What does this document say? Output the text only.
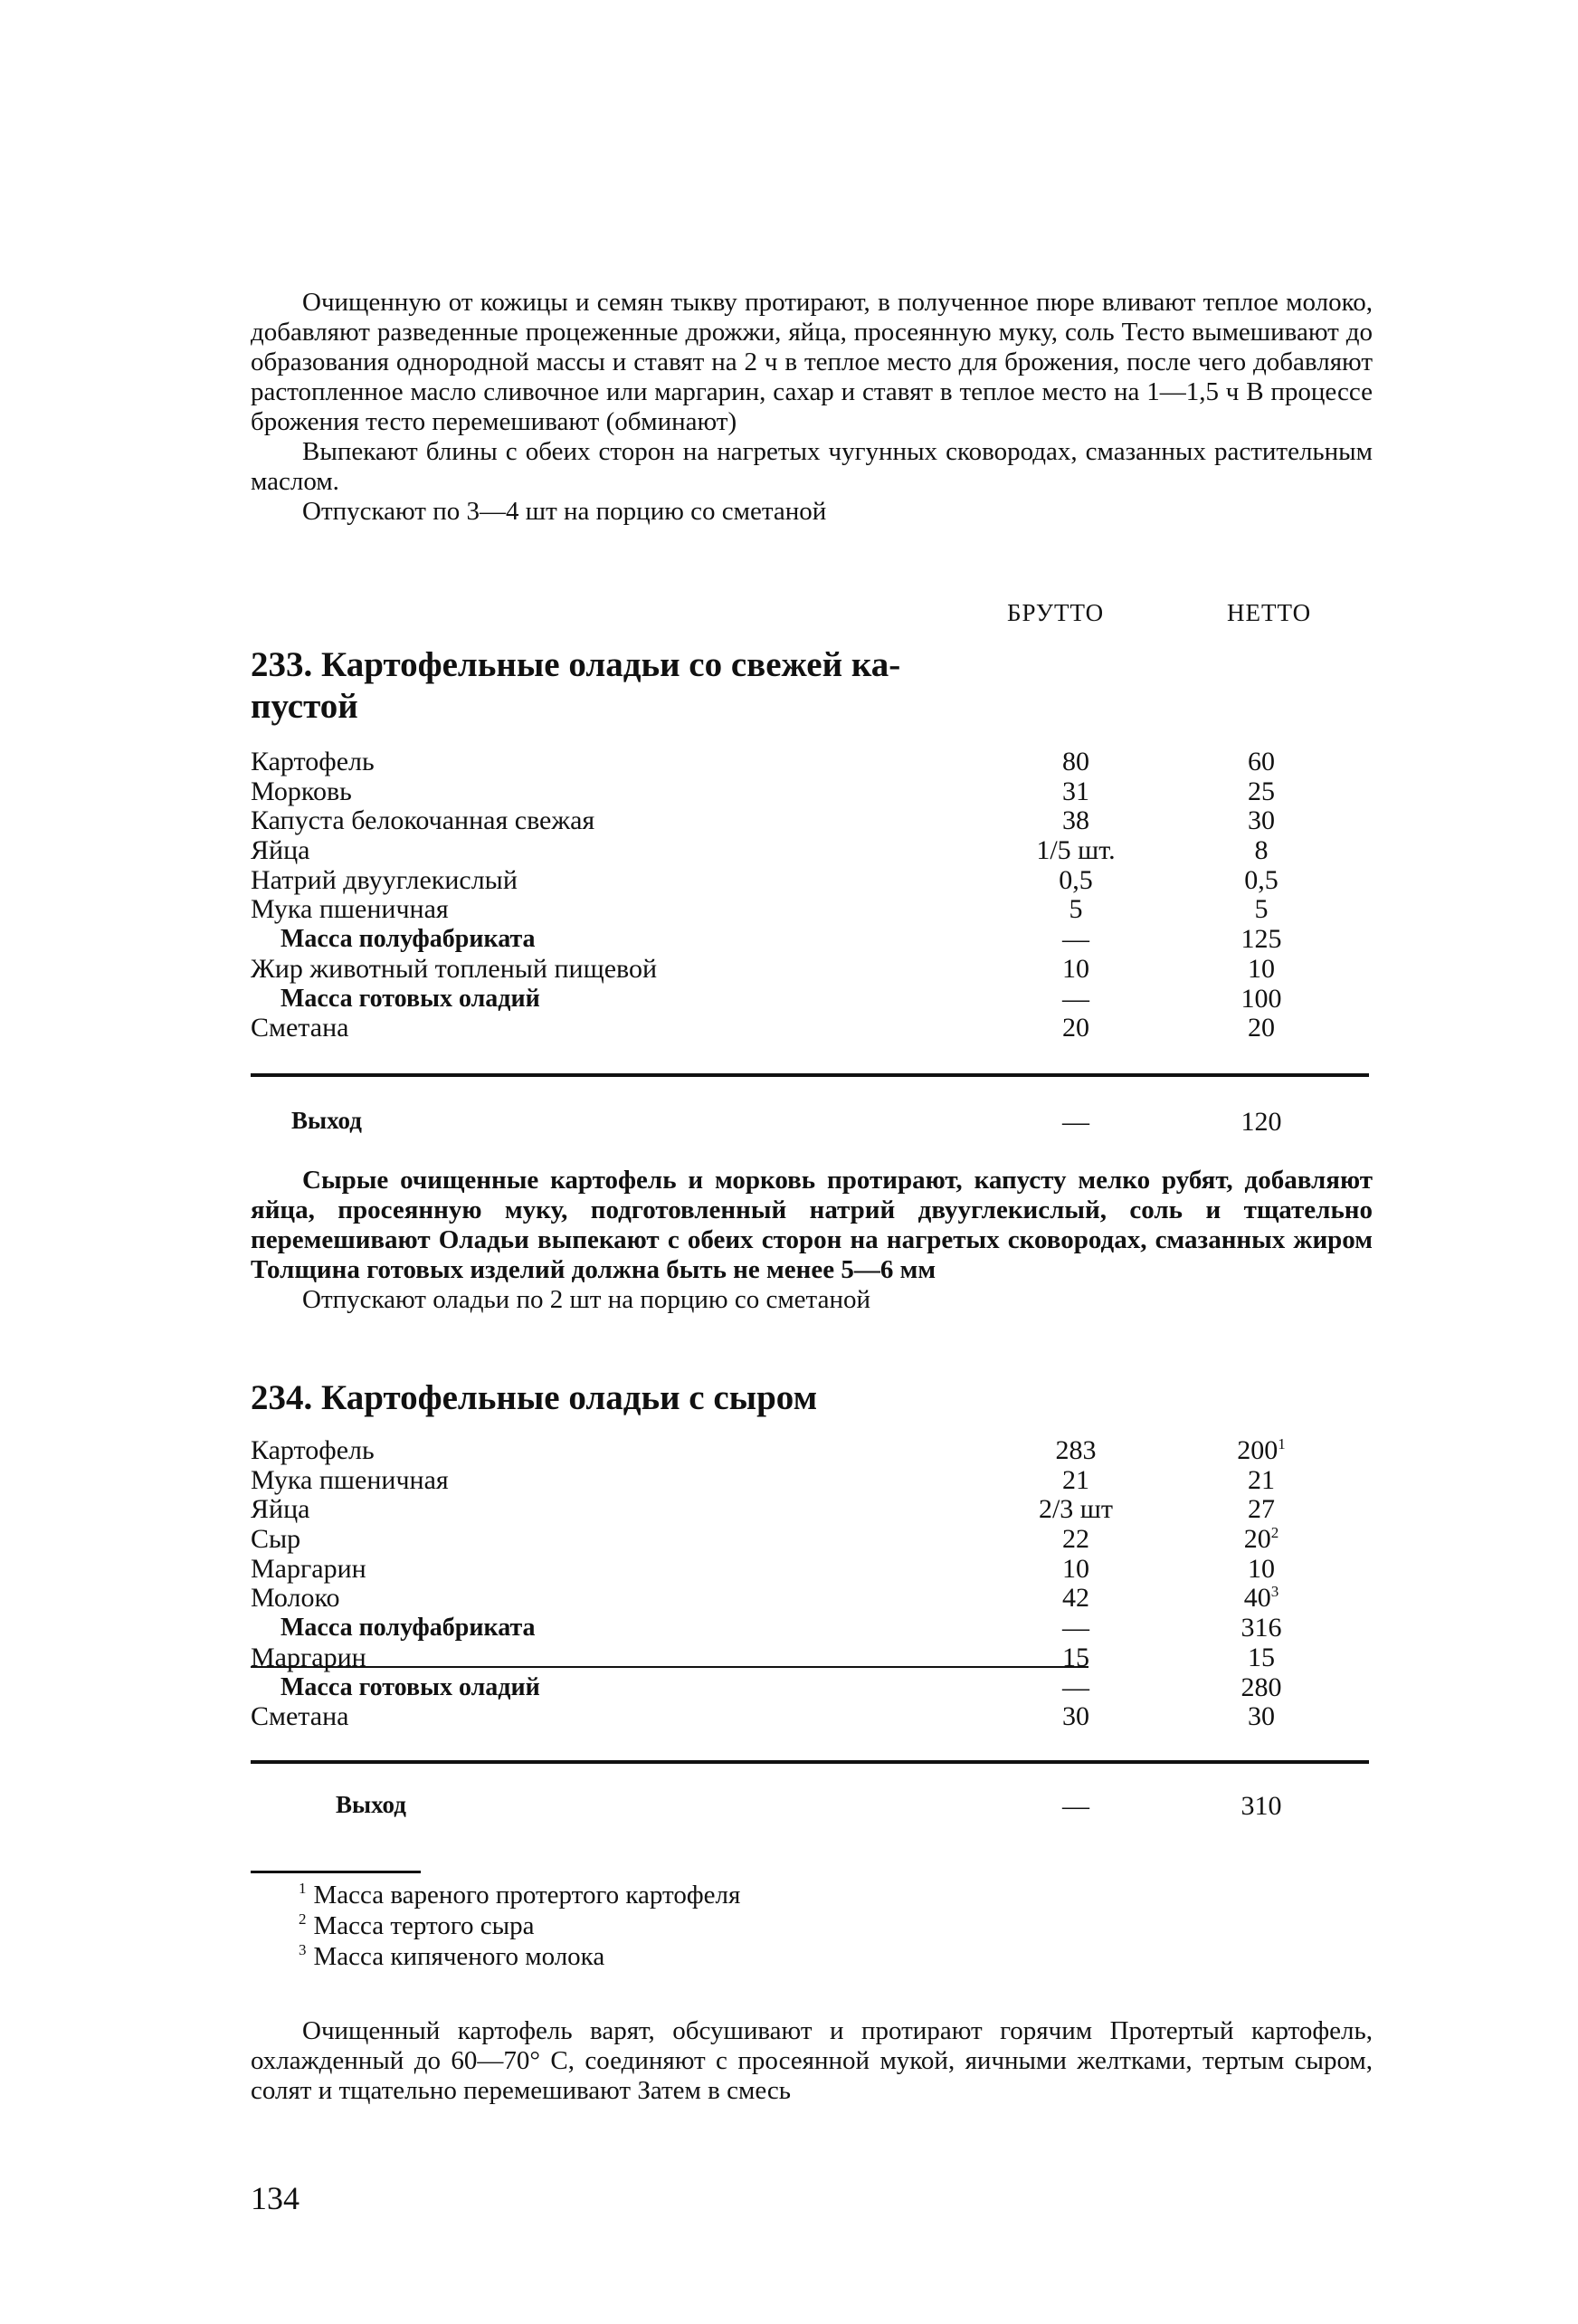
Очищенную от кожицы и семян тыкву протирают, в полученное пюре вливают теплое молоко, добавляют разведенные процеженные дрожжи, яйца, просеянную муку, соль Тесто вымешивают до образования однородной массы и ставят на 2 ч в теплое место для брожения, после чего добавляют растопленное масло сливочное или маргарин, сахар и ставят в теплое место на 1—1,5 ч В процессе брожения тесто перемешивают (обминают)

Выпекают блины с обеих сторон на нагретых чугунных сковородах, смазанных растительным маслом.

Отпускают по 3—4 шт на порцию со сметаной

БРУТТО	НЕТТО
233. Картофельные оладьи со свежей ка-
пустой
Картофель	80	60
Морковь	31	25
Капуста белокочанная свежая	38	30
Яйца	1/5 шт.	8
Натрий двууглекислый	0,5	0,5
Мука пшеничная	5	5
Масса полуфабриката	—	125
Жир животный топленый пищевой	10	10
Масса готовых оладий	—	100
Сметана	20	20
Выход	—	120

Сырые очищенные картофель и морковь протирают, капусту мелко рубят, добавляют яйца, просеянную муку, подготовленный натрий двууглекислый, соль и тщательно перемешивают Оладьи выпекают с обеих сторон на нагретых сковородах, смазанных жиром Толщина готовых изделий должна быть не менее 5—6 мм

Отпускают оладьи по 2 шт на порцию со сметаной

234. Картофельные оладьи с сыром
Картофель	283	$200^1$
Мука пшеничная	21	21
Яйца	2/3 шт	27
Сыр	22	$20^2$
Маргарин	10	10
Молоко	42	$40^3$
Масса полуфабриката	—	316
Маргарин	15	15
Масса готовых оладий	—	280
Сметана	30	30
Выход	—	310
$^1$ Масса вареного протертого картофеля
$^2$ Масса тертого сыра
$^3$ Масса кипяченого молока

Очищенный картофель варят, обсушивают и протирают горячим Протертый картофель, охлажденный до 60—70° С, соединяют с просеянной мукой, яичными желтками, тертым сыром, солят и тщательно перемешивают Затем в смесь

134
